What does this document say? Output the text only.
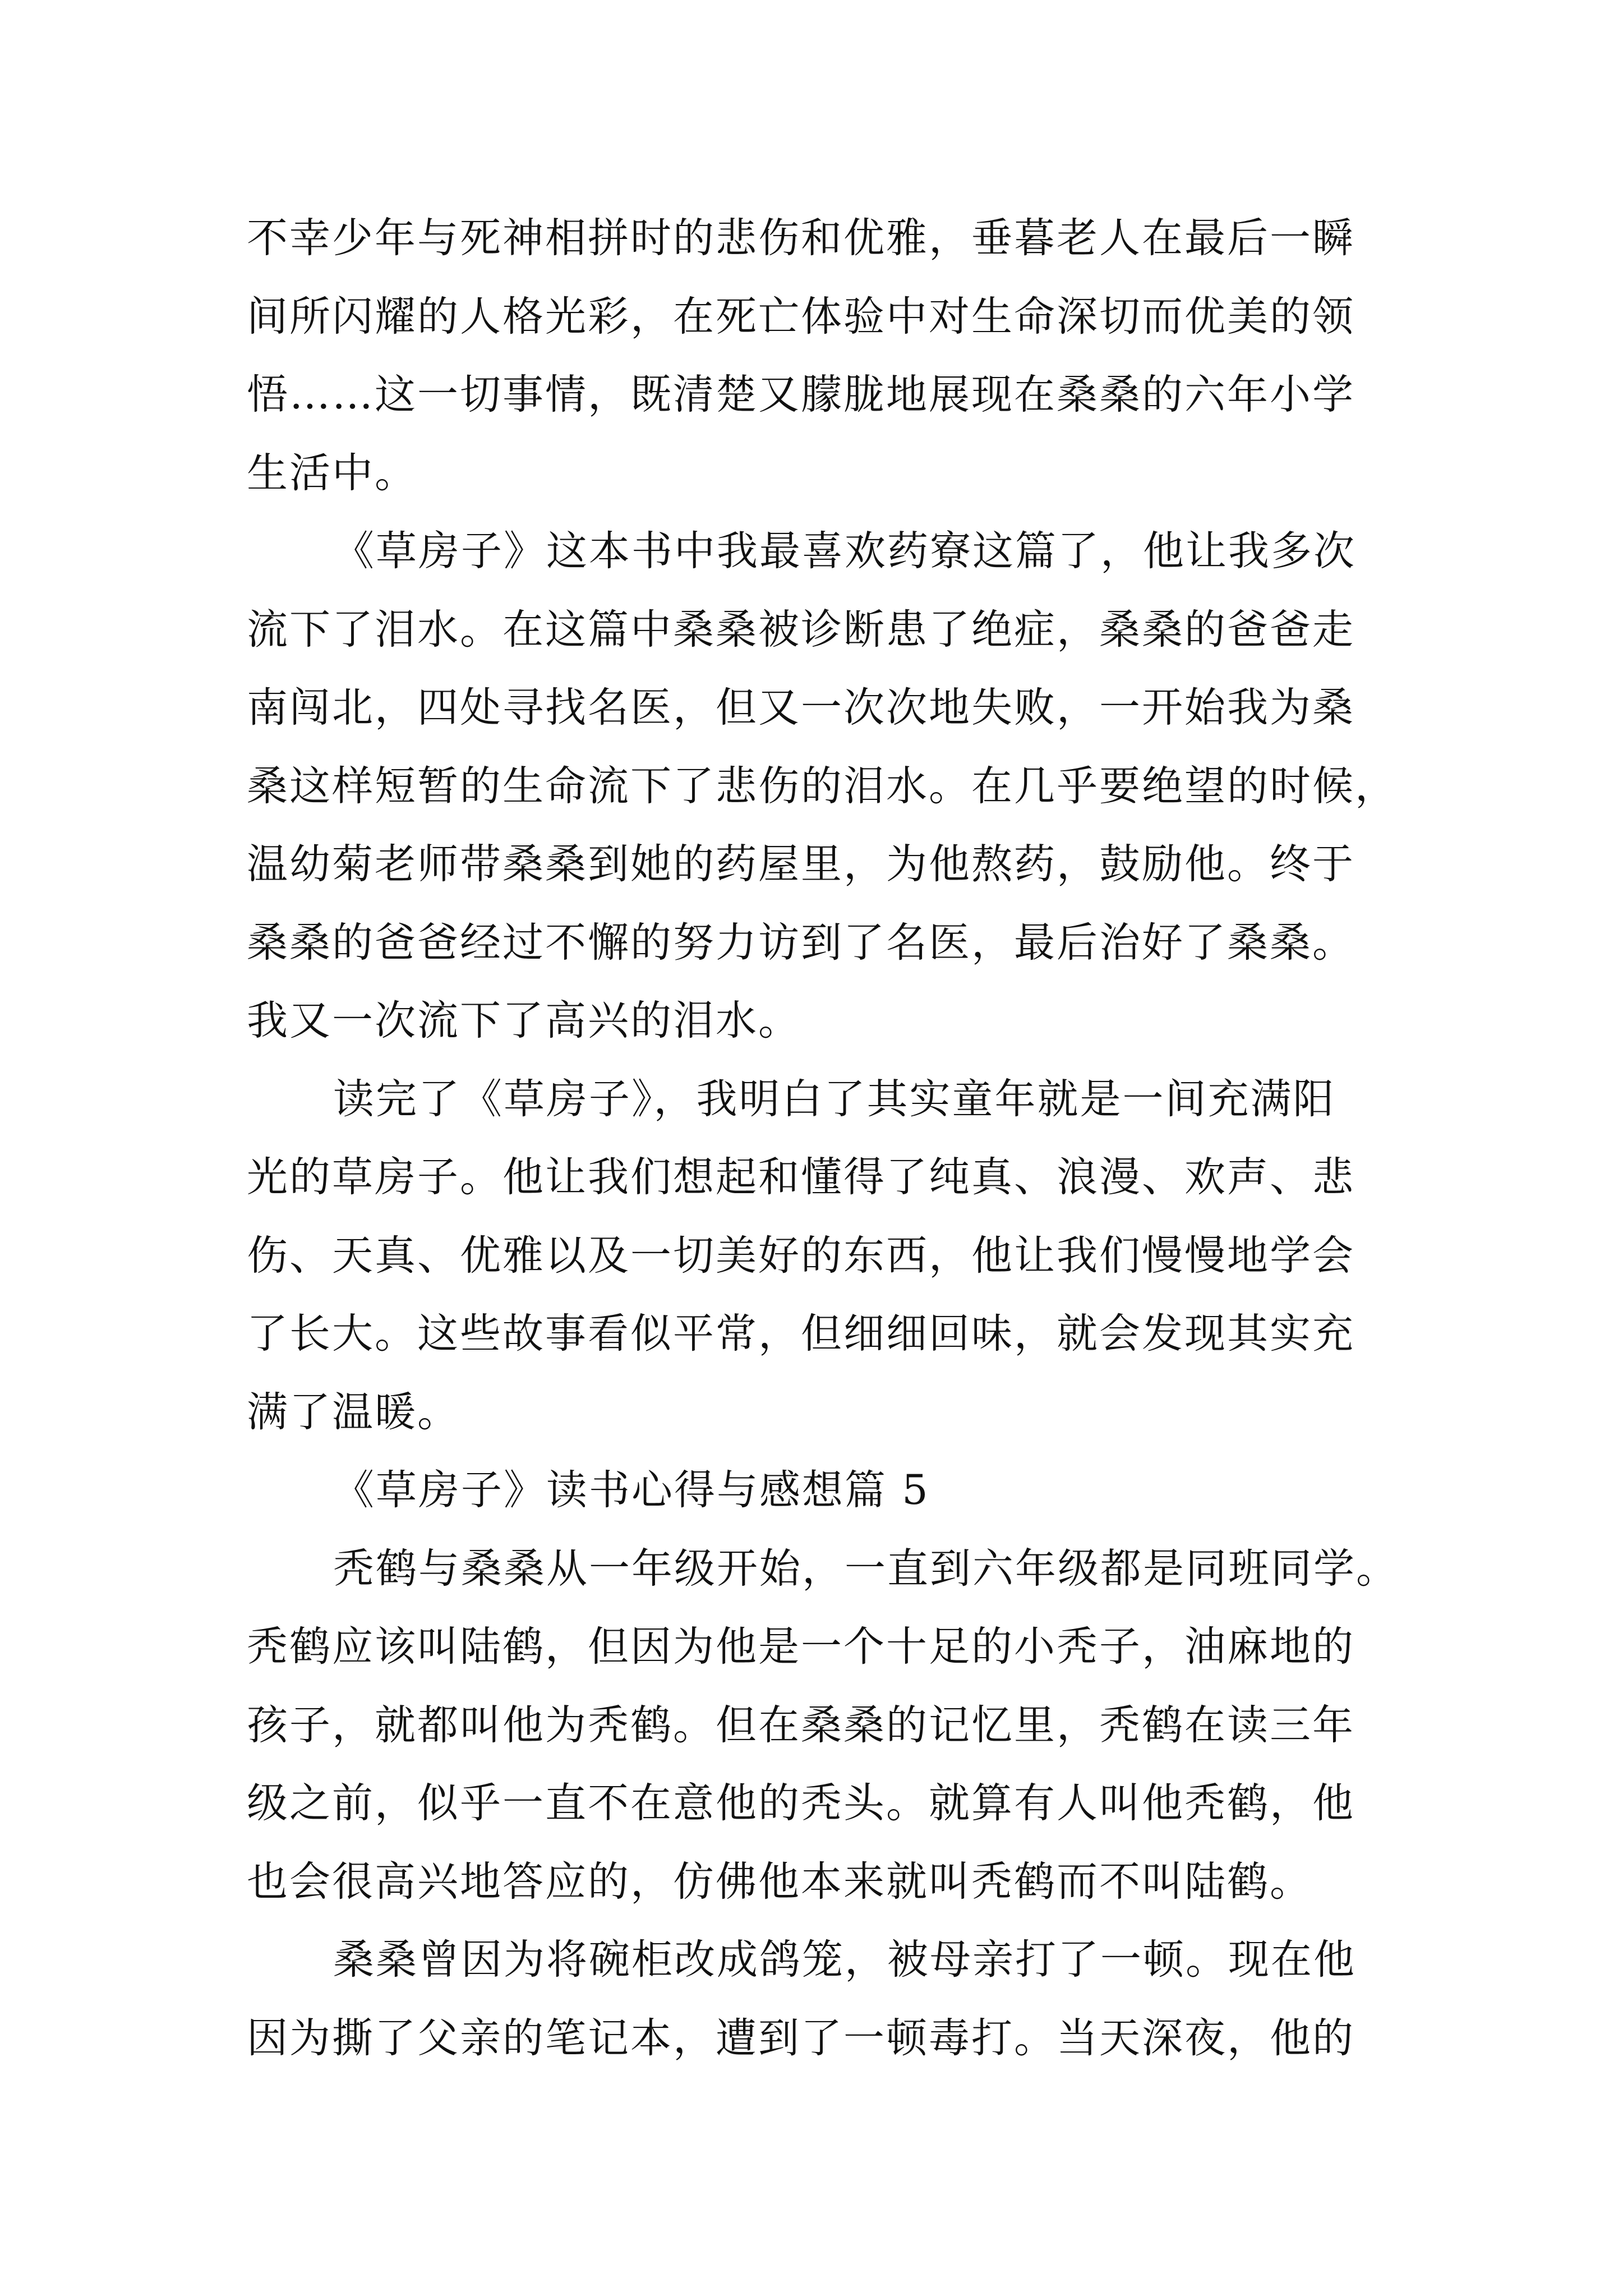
不幸少年与死神相拼时的悲伤和优雅，垂暮老人在最后一瞬
间所闪耀的人格光彩，在死亡体验中对生命深切而优美的领
悟……这一切事情，既清楚又朦胧地展现在桑桑的六年小学
生活中。
《草房子》这本书中我最喜欢药寮这篇了，他让我多次
流下了泪水。在这篇中桑桑被诊断患了绝症，桑桑的爸爸走
南闯北，四处寻找名医，但又一次次地失败，一开始我为桑
桑这样短暂的生命流下了悲伤的泪水。在几乎要绝望的时候，
温幼菊老师带桑桑到她的药屋里，为他熬药，鼓励他。终于
桑桑的爸爸经过不懈的努力访到了名医，最后治好了桑桑。
我又一次流下了高兴的泪水。
读完了《草房子》，我明白了其实童年就是一间充满阳
光的草房子。他让我们想起和懂得了纯真、浪漫、欢声、悲
伤、天真、优雅以及一切美好的东西，他让我们慢慢地学会
了长大。这些故事看似平常，但细细回味，就会发现其实充
满了温暖。
《草房子》读书心得与感想篇 5
秃鹤与桑桑从一年级开始，一直到六年级都是同班同学。
秃鹤应该叫陆鹤，但因为他是一个十足的小秃子，油麻地的
孩子，就都叫他为秃鹤。但在桑桑的记忆里，秃鹤在读三年
级之前，似乎一直不在意他的秃头。就算有人叫他秃鹤，他
也会很高兴地答应的，仿佛他本来就叫秃鹤而不叫陆鹤。
桑桑曾因为将碗柜改成鸽笼，被母亲打了一顿。现在他
因为撕了父亲的笔记本，遭到了一顿毒打。当天深夜，他的
